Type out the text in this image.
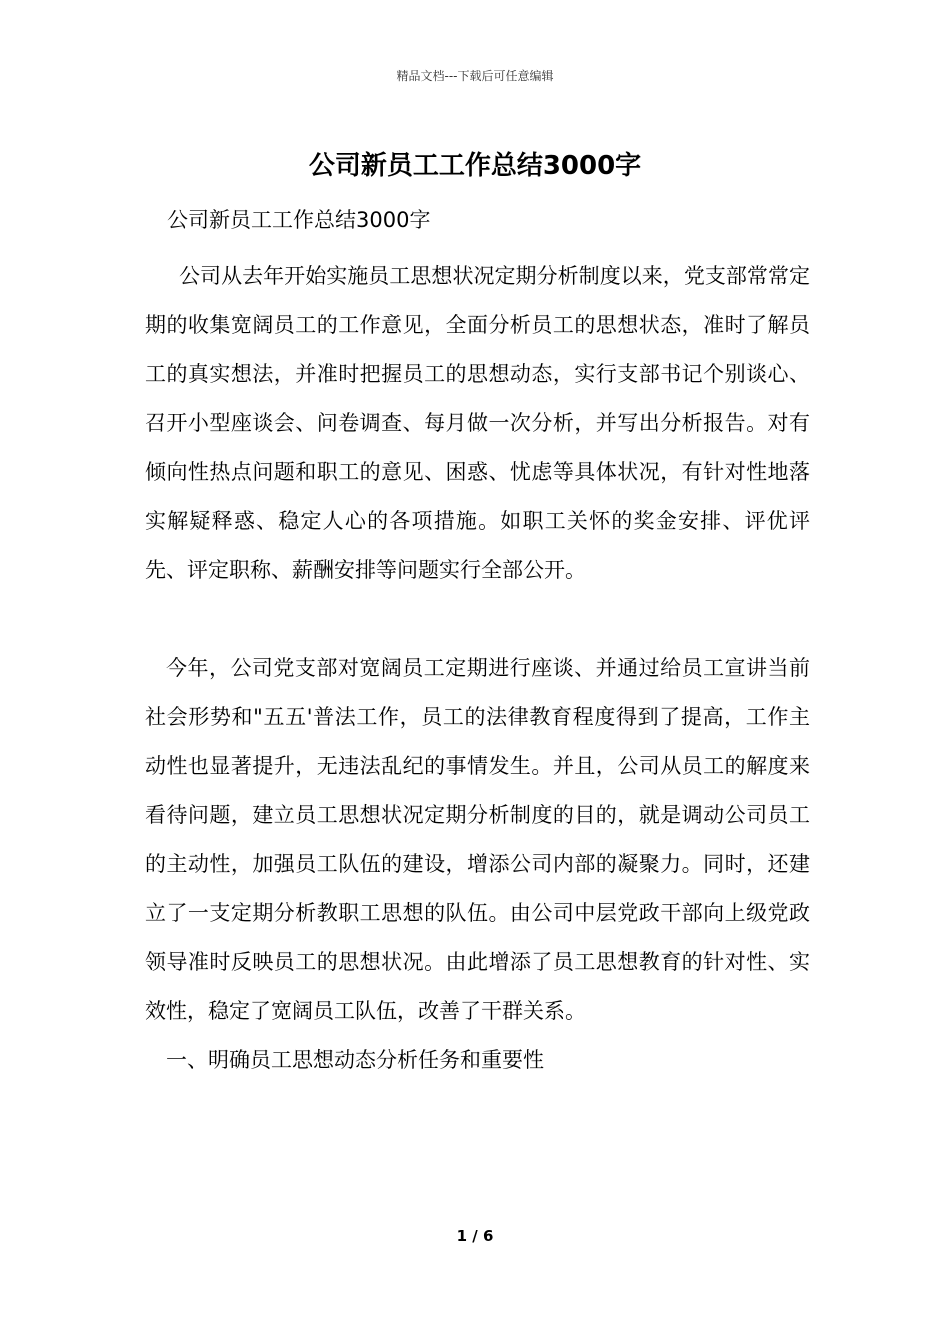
精品文档---下载后可任意编辑
公司新员工工作总结3000字

公司新员工工作总结3000字

公司从去年开始实施员工思想状况定期分析制度以来，党支部常常定期的收集宽阔员工的工作意见，全面分析员工的思想状态，准时了解员工的真实想法，并准时把握员工的思想动态，实行支部书记个别谈心、召开小型座谈会、问卷调查、每月做一次分析，并写出分析报告。对有倾向性热点问题和职工的意见、困惑、忧虑等具体状况，有针对性地落实解疑释惑、稳定人心的各项措施。如职工关怀的奖金安排、评优评先、评定职称、薪酬安排等问题实行全部公开。

今年，公司党支部对宽阔员工定期进行座谈、并通过给员工宣讲当前社会形势和"五五'普法工作，员工的法律教育程度得到了提高，工作主动性也显著提升，无违法乱纪的事情发生。并且，公司从员工的解度来看待问题，建立员工思想状况定期分析制度的目的，就是调动公司员工的主动性，加强员工队伍的建设，增添公司内部的凝聚力。同时，还建立了一支定期分析教职工思想的队伍。由公司中层党政干部向上级党政领导准时反映员工的思想状况。由此增添了员工思想教育的针对性、实效性，稳定了宽阔员工队伍，改善了干群关系。

一、明确员工思想动态分析任务和重要性

1 / 6
